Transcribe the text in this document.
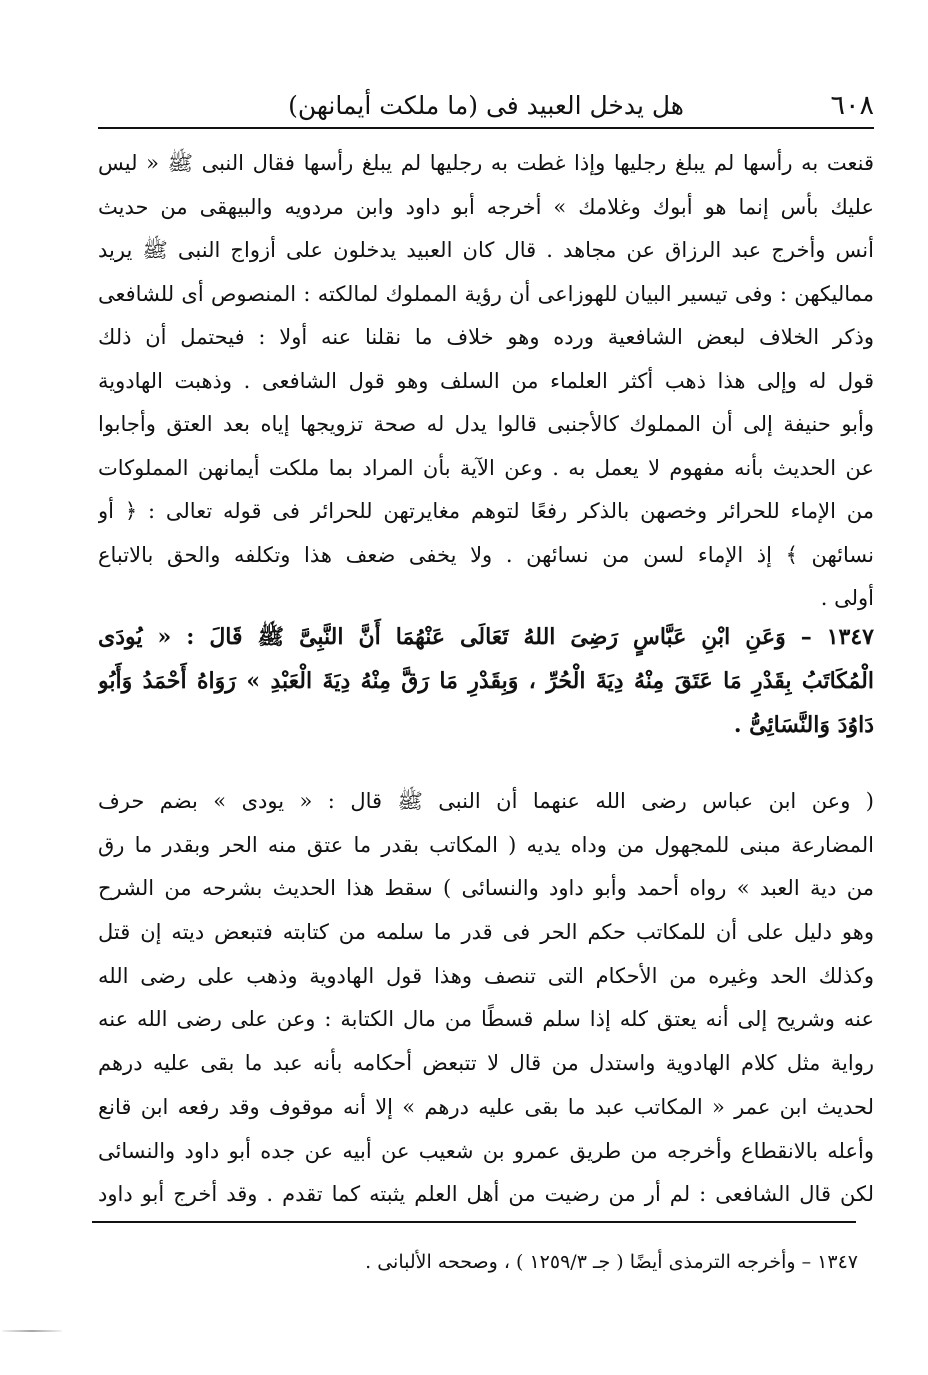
٦٠٨
هل يدخل العبيد فى (ما ملكت أيمانهن)
قنعت به رأسها لم يبلغ رجليها وإذا غطت به رجليها لم يبلغ رأسها فقال النبى ﷺ « ليس
عليك بأس إنما هو أبوك وغلامك » أخرجه أبو داود وابن مردويه والبيهقى من حديث
أنس وأخرج عبد الرزاق عن مجاهد . قال كان العبيد يدخلون على أزواج النبى ﷺ يريد
مماليكهن : وفى تيسير البيان للهوزاعى أن رؤية المملوك لمالكته : المنصوص أى للشافعى
وذكر الخلاف لبعض الشافعية ورده وهو خلاف ما نقلنا عنه أولا : فيحتمل أن ذلك
قول له وإلى هذا ذهب أكثر العلماء من السلف وهو قول الشافعى . وذهبت الهادوية
وأبو حنيفة إلى أن المملوك كالأجنبى قالوا يدل له صحة تزويجها إياه بعد العتق وأجابوا
عن الحديث بأنه مفهوم لا يعمل به . وعن الآية بأن المراد بما ملكت أيمانهن المملوكات
من الإماء للحرائر وخصهن بالذكر رفعًا لتوهم مغايرتهن للحرائر فى قوله تعالى : ﴿ أو
نسائهن ﴾ إذ الإماء لسن من نسائهن . ولا يخفى ضعف هذا وتكلفه والحق بالاتباع
أولى .
١٣٤٧ – وَعَنِ ابْنِ عَبَّاسٍ رَضِىَ اللهُ تَعَالَى عَنْهُمَا أَنَّ النَّبِىَّ ﷺ قَالَ : « يُودَى
الْمُكَاتَبُ بِقَدْرِ مَا عَتَقَ مِنْهُ دِيَةَ الْحُرِّ ، وَبِقَدْرِ مَا رَقَّ مِنْهُ دِيَةَ الْعَبْدِ » رَوَاهُ أَحْمَدُ وَأَبُو
دَاوُدَ وَالنَّسَائِىُّ .
( وعن ابن عباس رضى الله عنهما أن النبى ﷺ قال : « يودى » بضم حرف
المضارعة مبنى للمجهول من وداه يديه ( المكاتب بقدر ما عتق منه الحر وبقدر ما رق
من دية العبد » رواه أحمد وأبو داود والنسائى ) سقط هذا الحديث بشرحه من الشرح
وهو دليل على أن للمكاتب حكم الحر فى قدر ما سلمه من كتابته فتبعض ديته إن قتل
وكذلك الحد وغيره من الأحكام التى تنصف وهذا قول الهادوية وذهب على رضى الله
عنه وشريح إلى أنه يعتق كله إذا سلم قسطًا من مال الكتابة : وعن على رضى الله عنه
رواية مثل كلام الهادوية واستدل من قال لا تتبعض أحكامه بأنه عبد ما بقى عليه درهم
لحديث ابن عمر « المكاتب عبد ما بقى عليه درهم » إلا أنه موقوف وقد رفعه ابن قانع
وأعله بالانقطاع وأخرجه من طريق عمرو بن شعيب عن أبيه عن جده أبو داود والنسائى
لكن قال الشافعى : لم أر من رضيت من أهل العلم يثبته كما تقدم . وقد أخرج أبو داود
١٣٤٧ – وأخرجه الترمذى أيضًا ( جـ ١٢٥٩/٣ ) ، وصححه الألبانى .
